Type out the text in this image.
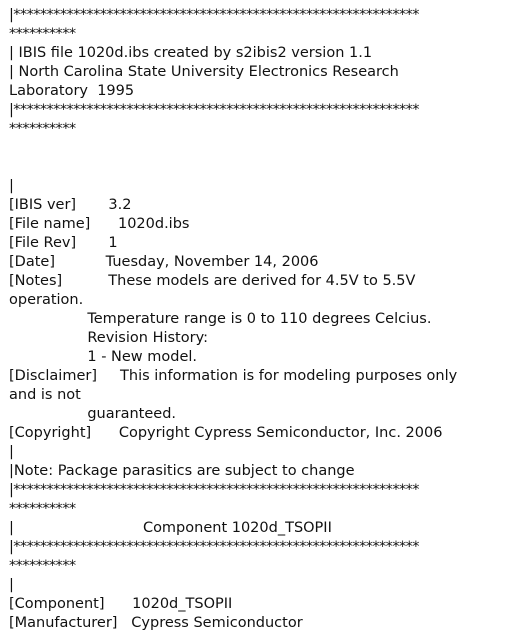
|*************************************************************
**********
| IBIS file 1020d.ibs created by s2ibis2 version 1.1
| North Carolina State University Electronics Research
Laboratory  1995
|*************************************************************
**********
|
[IBIS ver]       3.2
[File name]      1020d.ibs
[File Rev]       1
[Date]           Tuesday, November 14, 2006
[Notes]          These models are derived for 4.5V to 5.5V
operation.
Temperature range is 0 to 110 degrees Celcius.
Revision History:
1 - New model.
[Disclaimer]     This information is for modeling purposes only
and is not
guaranteed.
[Copyright]      Copyright Cypress Semiconductor, Inc. 2006
|
|Note: Package parasitics are subject to change
|*************************************************************
**********
|                            Component 1020d_TSOPII
|*************************************************************
**********
|
[Component]      1020d_TSOPII
[Manufacturer]   Cypress Semiconductor
